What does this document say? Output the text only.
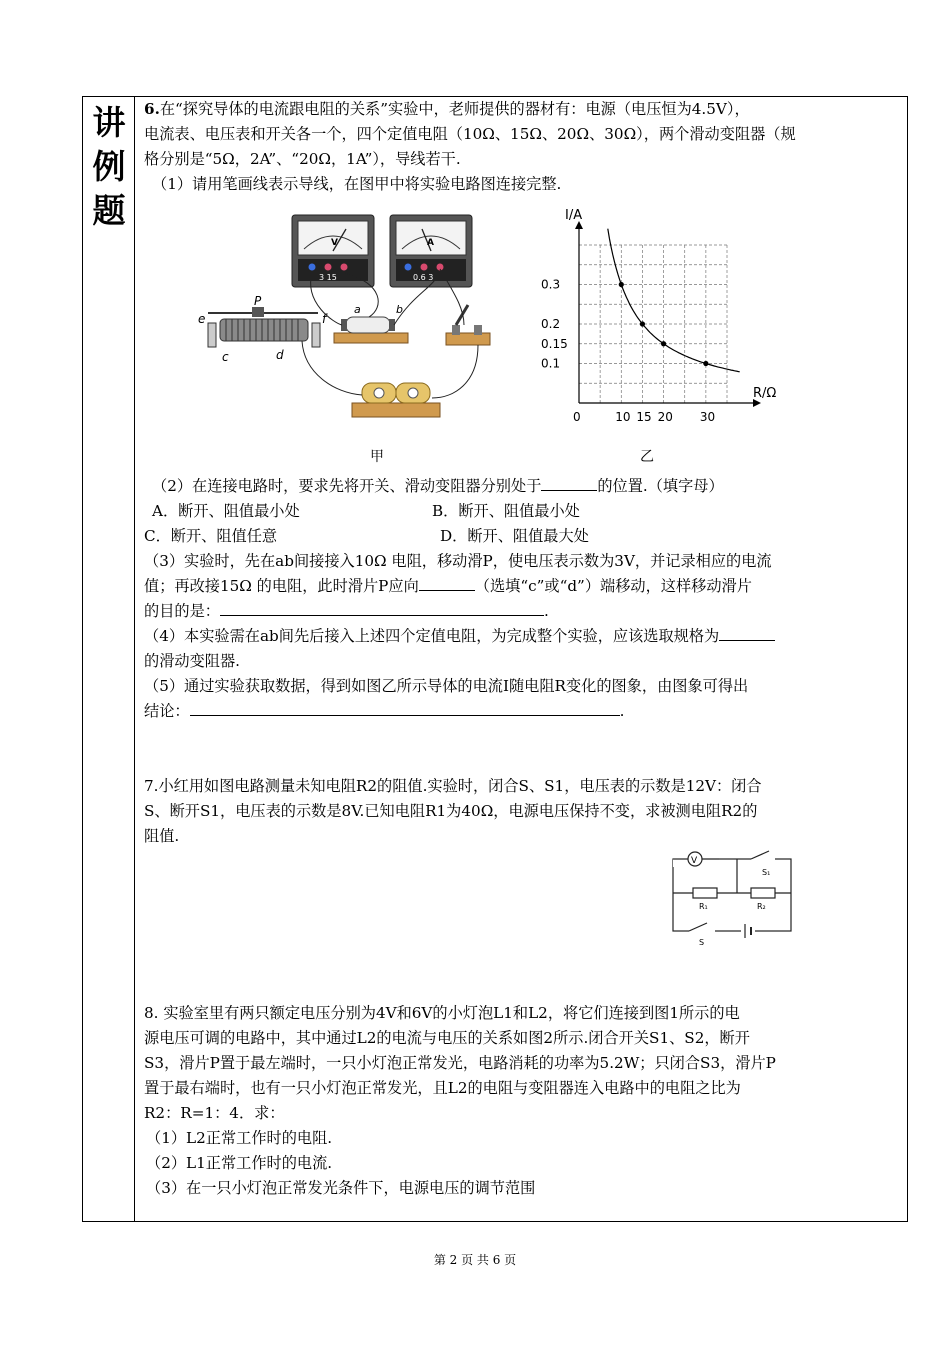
讲
例
题
6.在“探究导体的电流跟电阻的关系”实验中，老师提供的器材有：电源（电压恒为4.5V），
电流表、电压表和开关各一个，四个定值电阻（10Ω、15Ω、20Ω、30Ω），两个滑动变阻器（规
格分别是“5Ω，2A”、“20Ω，1A”），导线若干.
（1）请用笔画线表示导线，在图甲中将实验电路图连接完整.
V
3 15
A
0.6 3
a	b
P
e	f
c	d
甲
0	10 15 20 30
0.1
0.15
0.2
0.3
I/A
R/Ω
乙
（2）在连接电路时，要求先将开关、滑动变阻器分别处于	的位置.（填字母）
A．断开、阻值最小处	B．断开、阻值最小处
C．断开、阻值任意	D．断开、阻值最大处
（3）实验时，先在ab间接接入10Ω 电阻，移动滑P，使电压表示数为3V，并记录相应的电流
值；再改接15Ω 的电阻，此时滑片P应向	（选填“c”或“d”）端移动，这样移动滑片
的目的是：	.
（4）本实验需在ab间先后接入上述四个定值电阻，为完成整个实验，应该选取规格为
的滑动变阻器.
（5）通过实验获取数据，得到如图乙所示导体的电流I随电阻R变化的图象，由图象可得出
结论：	.
7.小红用如图电路测量未知电阻R2的阻值.实验时，闭合S、S1，电压表的示数是12V：闭合
S、断开S1，电压表的示数是8V.已知电阻R1为40Ω，电源电压保持不变，求被测电阻R2的
阻值.
V
S₁
R₁	R₂
S
8. 实验室里有两只额定电压分别为4V和6V的小灯泡L1和L2，将它们连接到图1所示的电
源电压可调的电路中，其中通过L2的电流与电压的关系如图2所示.闭合开关S1、S2，断开
S3，滑片P置于最左端时，一只小灯泡正常发光，电路消耗的功率为5.2W；只闭合S3，滑片P
置于最右端时，也有一只小灯泡正常发光，且L2的电阻与变阻器连入电路中的电阻之比为
R2：R=1：4．求：
（1）L2正常工作时的电阻.
（2）L1正常工作时的电流.
（3）在一只小灯泡正常发光条件下，电源电压的调节范围
第 2 页 共 6 页
